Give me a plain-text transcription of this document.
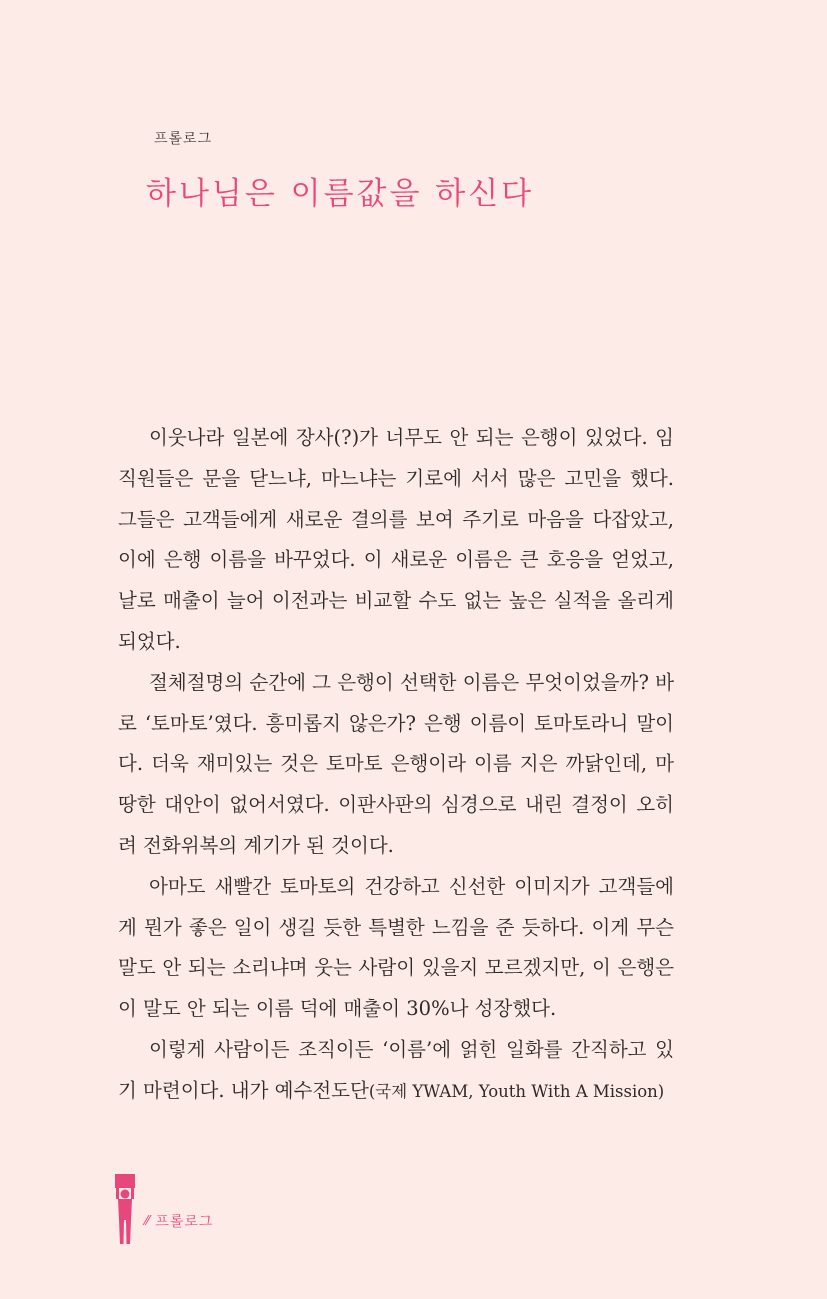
프롤로그
하나님은 이름값을 하신다

이웃나라 일본에 장사(?)가 너무도 안 되는 은행이 있었다. 임직원들은 문을 닫느냐, 마느냐는 기로에 서서 많은 고민을 했다. 그들은 고객들에게 새로운 결의를 보여 주기로 마음을 다잡았고, 이에 은행 이름을 바꾸었다. 이 새로운 이름은 큰 호응을 얻었고, 날로 매출이 늘어 이전과는 비교할 수도 없는 높은 실적을 올리게 되었다.

절체절명의 순간에 그 은행이 선택한 이름은 무엇이었을까? 바로 ‘토마토’였다. 흥미롭지 않은가? 은행 이름이 토마토라니 말이다. 더욱 재미있는 것은 토마토 은행이라 이름 지은 까닭인데, 마땅한 대안이 없어서였다. 이판사판의 심경으로 내린 결정이 오히려 전화위복의 계기가 된 것이다.

아마도 새빨간 토마토의 건강하고 신선한 이미지가 고객들에게 뭔가 좋은 일이 생길 듯한 특별한 느낌을 준 듯하다. 이게 무슨 말도 안 되는 소리냐며 웃는 사람이 있을지 모르겠지만, 이 은행은 이 말도 안 되는 이름 덕에 매출이 30%나 성장했다.

이렇게 사람이든 조직이든 ‘이름’에 얽힌 일화를 간직하고 있기 마련이다. 내가 예수전도단(국제 YWAM, Youth With A Mission)

⁄⁄ 프롤로그
